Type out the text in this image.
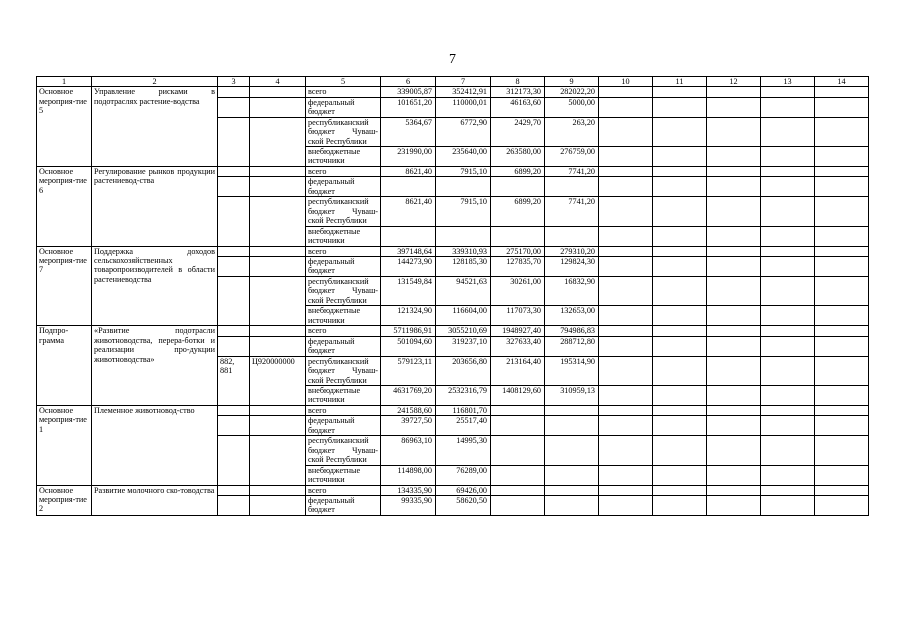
7
1	2	3	4	5	6	7	8	9	10	11	12	13	14
Основное мероприя-тие 5	Управление рисками в подотраслях растение-водства			всего	339005,87	352412,91	312173,30	282022,20					
				федеральный бюджет	101651,20	110000,01	46163,60	5000,00					
				республиканский бюджет Чуваш-ской Республики	5364,67	6772,90	2429,70	263,20					
				внебюджетные источники	231990,00	235640,00	263580,00	276759,00					
Основное мероприя-тие 6	Регулирование рынков продукции растениевод-ства			всего	8621,40	7915,10	6899,20	7741,20					
				федеральный бюджет									
				республиканский бюджет Чуваш-ской Республики	8621,40	7915,10	6899,20	7741,20					
				внебюджетные источники									
Основное мероприя-тие 7	Поддержка доходов сельскохозяйственных товаропроизводителей в области растениеводства			всего	397148,64	339310,93	275170,00	279310,20					
				федеральный бюджет	144273,90	128185,30	127835,70	129824,30					
				республиканский бюджет Чуваш-ской Республики	131549,84	94521,63	30261,00	16832,90					
				внебюджетные источники	121324,90	116604,00	117073,30	132653,00					
Подпро-грамма	«Развитие подотрасли животноводства, перера-ботки и реализации про-дукции животноводства»			всего	5711986,91	3055210,69	1948927,40	794986,83					
				федеральный бюджет	501094,60	319237,10	327633,40	288712,80					
		882, 881	Ц920000000	республиканский бюджет Чуваш-ской Республики	579123,11	203656,80	213164,40	195314,90					
				внебюджетные источники	4631769,20	2532316,79	1408129,60	310959,13					
Основное мероприя-тие 1	Племенное животновод-ство			всего	241588,60	116801,70							
				федеральный бюджет	39727,50	25517,40							
				республиканский бюджет Чуваш-ской Республики	86963,10	14995,30							
				внебюджетные источники	114898,00	76289,00							
Основное мероприя-тие 2	Развитие молочного ско-товодства			всего	134335,90	69426,00							
				федеральный бюджет	99335,90	58620,50							
